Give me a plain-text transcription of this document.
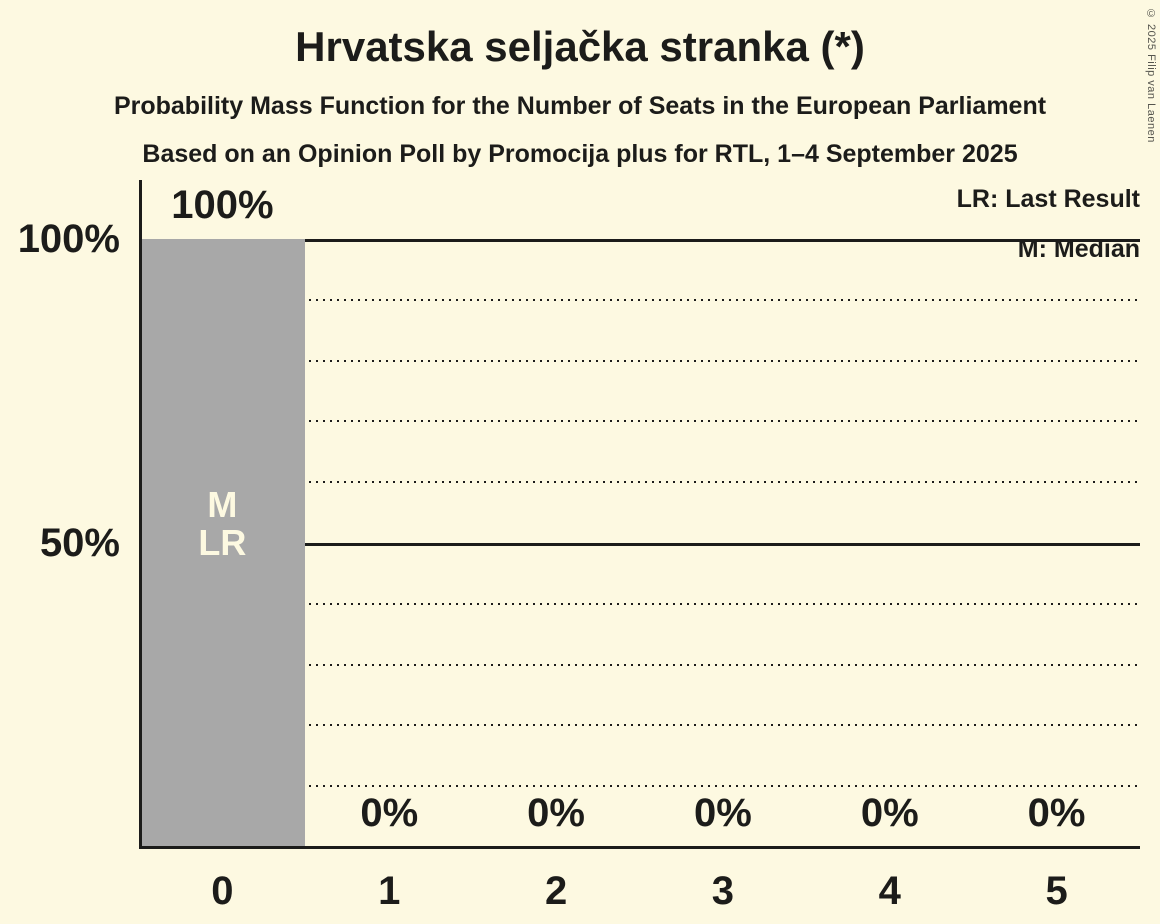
Hrvatska seljačka stranka (*)
Probability Mass Function for the Number of Seats in the European Parliament
Based on an Opinion Poll by Promocija plus for RTL, 1–4 September 2025
LR: Last Result
M: Median
© 2025 Filip van Laenen
100%
50%
100%
0
0%
1
0%
2
0%
3
0%
4
0%
5
M
LR
